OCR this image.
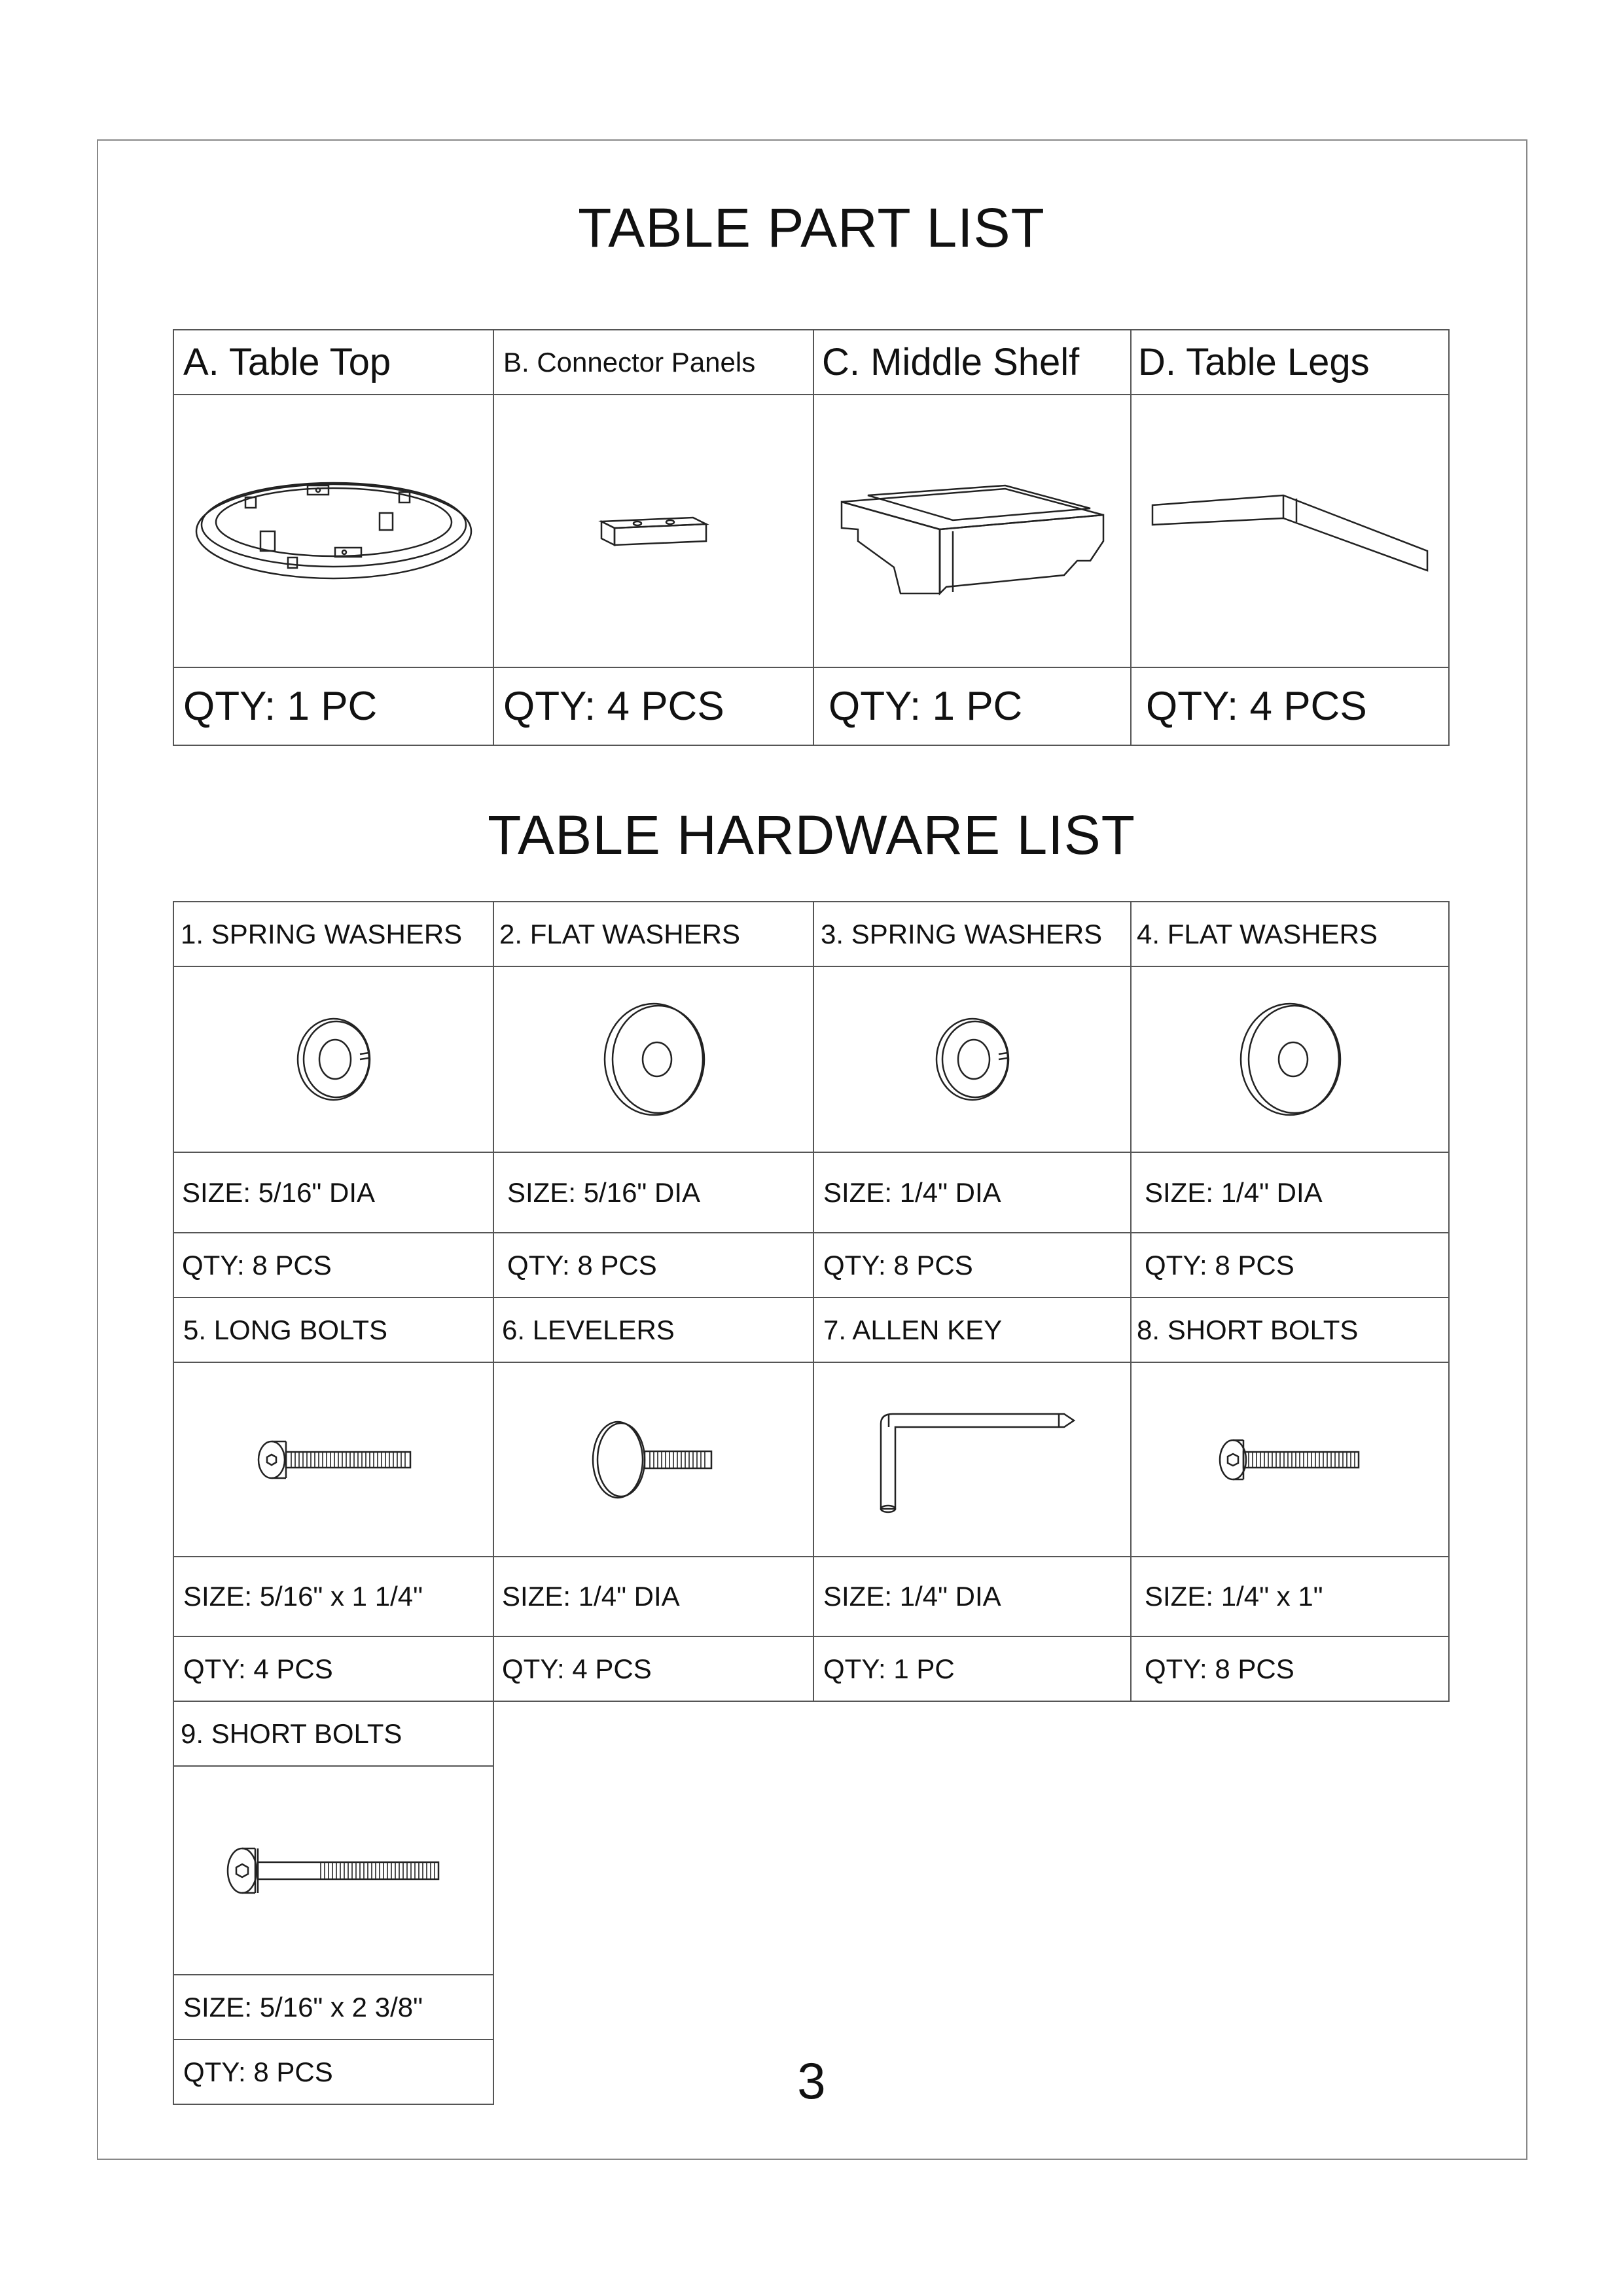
TABLE PART LIST
A. Table Top	B. Connector Panels	C. Middle Shelf	D. Table Legs
QTY: 1 PC	QTY: 4 PCS	QTY: 1 PC	QTY: 4 PCS
TABLE HARDWARE LIST
1. SPRING WASHERS	2. FLAT WASHERS	3. SPRING WASHERS	4. FLAT WASHERS
SIZE: 5/16" DIA	SIZE: 5/16" DIA	SIZE: 1/4" DIA	SIZE: 1/4" DIA
QTY: 8 PCS	QTY: 8 PCS	QTY: 8 PCS	QTY: 8 PCS
5. LONG BOLTS	6. LEVELERS	7. ALLEN KEY	8. SHORT BOLTS
SIZE: 5/16" x 1 1/4"	SIZE: 1/4" DIA	SIZE: 1/4" DIA	SIZE: 1/4" x 1"
QTY: 4 PCS	QTY: 4 PCS	QTY: 1 PC	QTY: 8 PCS
9. SHORT BOLTS
SIZE: 5/16" x 2 3/8"
QTY: 8 PCS	3
